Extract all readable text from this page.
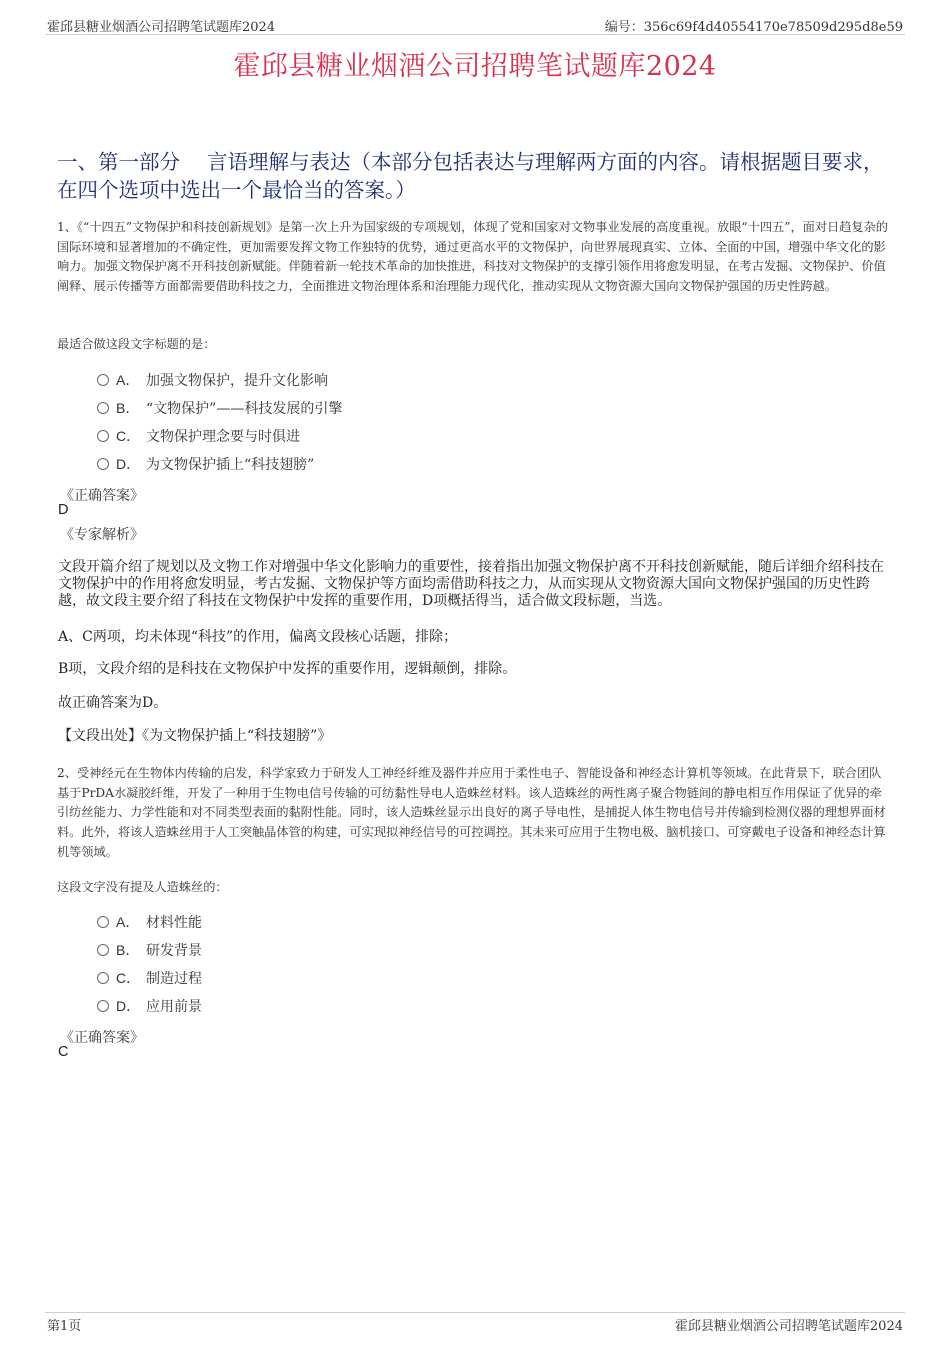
霍邱县糖业烟酒公司招聘笔试题库2024	编号：356c69f4d40554170e78509d295d8e59
霍邱县糖业烟酒公司招聘笔试题库2024
一、第一部分　 言语理解与表达（本部分包括表达与理解两方面的内容。请根据题目要求，在四个选项中选出一个最恰当的答案。）
1、《“十四五”文物保护和科技创新规划》是第一次上升为国家级的专项规划，体现了党和国家对文物事业发展的高度重视。放眼“十四五”，面对日趋复杂的国际环境和显著增加的不确定性，更加需要发挥文物工作独特的优势，通过更高水平的文物保护，向世界展现真实、立体、全面的中国，增强中华文化的影响力。加强文物保护离不开科技创新赋能。伴随着新一轮技术革命的加快推进，科技对文物保护的支撑引领作用将愈发明显，在考古发掘、文物保护、价值阐释、展示传播等方面都需要借助科技之力，全面推进文物治理体系和治理能力现代化，推动实现从文物资源大国向文物保护强国的历史性跨越。
最适合做这段文字标题的是：
A． 加强文物保护，提升文化影响
B． “文物保护”——科技发展的引擎
C． 文物保护理念要与时俱进
D． 为文物保护插上“科技翅膀”
《正确答案》
D
《专家解析》
文段开篇介绍了规划以及文物工作对增强中华文化影响力的重要性，接着指出加强文物保护离不开科技创新赋能，随后详细介绍科技在文物保护中的作用将愈发明显，考古发掘、文物保护等方面均需借助科技之力，从而实现从文物资源大国向文物保护强国的历史性跨越，故文段主要介绍了科技在文物保护中发挥的重要作用，D项概括得当，适合做文段标题，当选。
A、C两项，均未体现“科技”的作用，偏离文段核心话题，排除；
B项，文段介绍的是科技在文物保护中发挥的重要作用，逻辑颠倒，排除。
故正确答案为D。
【文段出处】《为文物保护插上“科技翅膀”》
2、受神经元在生物体内传输的启发，科学家致力于研发人工神经纤维及器件并应用于柔性电子、智能设备和神经态计算机等领域。在此背景下，联合团队基于PrDA水凝胶纤维，开发了一种用于生物电信号传输的可纺黏性导电人造蛛丝材料。该人造蛛丝的两性离子聚合物链间的静电相互作用保证了优异的牵引纺丝能力、力学性能和对不同类型表面的黏附性能。同时，该人造蛛丝显示出良好的离子导电性，是捕捉人体生物电信号并传输到检测仪器的理想界面材料。此外，将该人造蛛丝用于人工突触晶体管的构建，可实现拟神经信号的可控调控。其未来可应用于生物电极、脑机接口、可穿戴电子设备和神经态计算机等领域。
这段文字没有提及人造蛛丝的：
A． 材料性能
B． 研发背景
C． 制造过程
D． 应用前景
《正确答案》
C
第1页	霍邱县糖业烟酒公司招聘笔试题库2024
